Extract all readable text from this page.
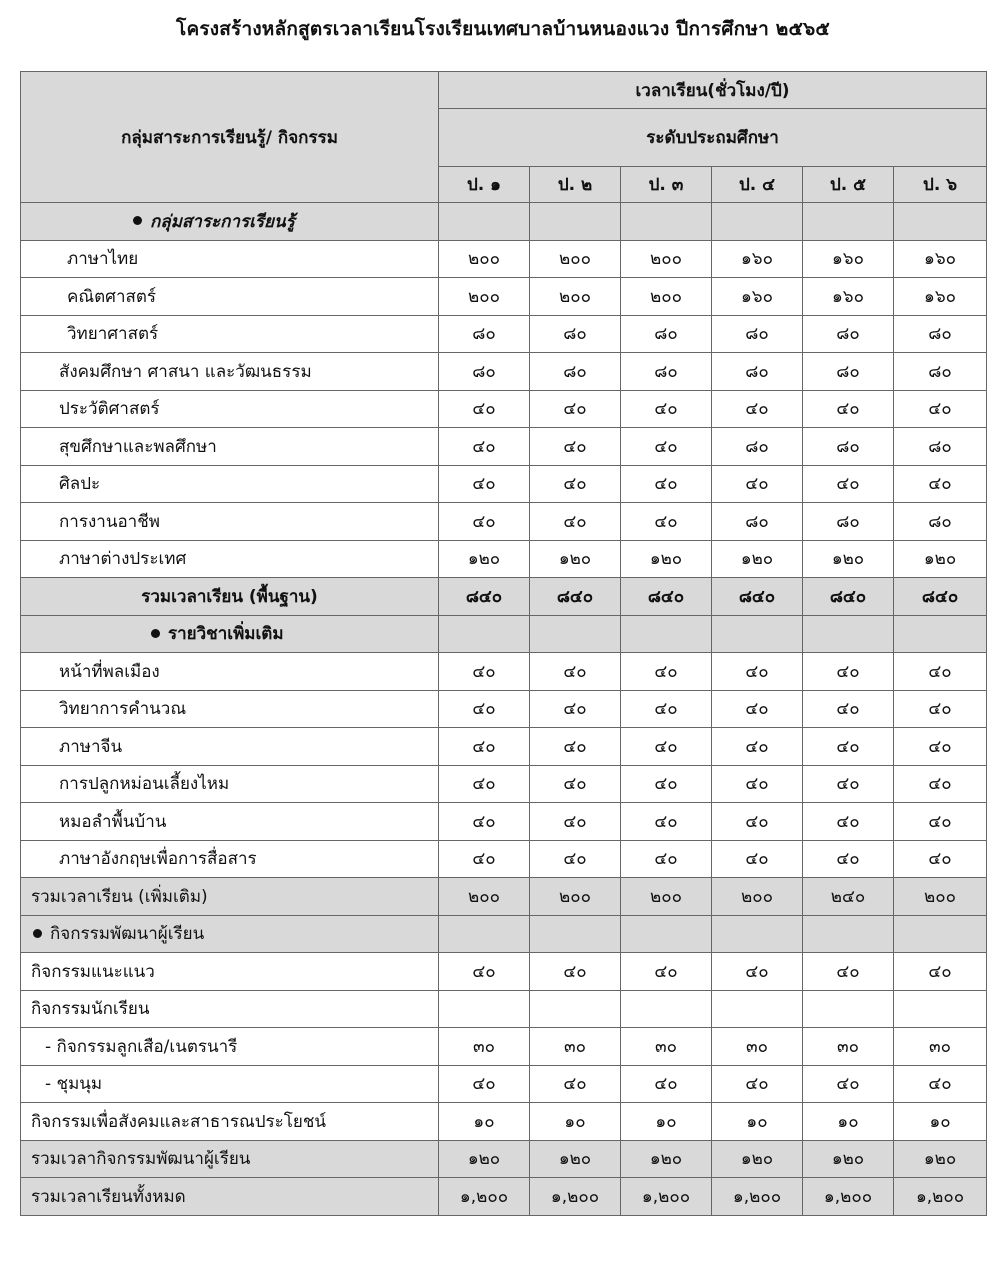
โครงสร้างหลักสูตรเวลาเรียนโรงเรียนเทศบาลบ้านหนองแวง ปีการศึกษา ๒๕๖๕
กลุ่มสาระการเรียนรู้/ กิจกรรม	เวลาเรียน(ชั่วโมง/ปี)					
	ระดับประถมศึกษา					
	ป. ๑	ป. ๒	ป. ๓	ป. ๔	ป. ๕	ป. ๖
กลุ่มสาระการเรียนรู้						
ภาษาไทย	๒๐๐	๒๐๐	๒๐๐	๑๖๐	๑๖๐	๑๖๐
คณิตศาสตร์	๒๐๐	๒๐๐	๒๐๐	๑๖๐	๑๖๐	๑๖๐
วิทยาศาสตร์	๘๐	๘๐	๘๐	๘๐	๘๐	๘๐
สังคมศึกษา ศาสนา และวัฒนธรรม	๘๐	๘๐	๘๐	๘๐	๘๐	๘๐
ประวัติศาสตร์	๔๐	๔๐	๔๐	๔๐	๔๐	๔๐
สุขศึกษาและพลศึกษา	๔๐	๔๐	๔๐	๘๐	๘๐	๘๐
ศิลปะ	๔๐	๔๐	๔๐	๔๐	๔๐	๔๐
การงานอาชีพ	๔๐	๔๐	๔๐	๘๐	๘๐	๘๐
ภาษาต่างประเทศ	๑๒๐	๑๒๐	๑๒๐	๑๒๐	๑๒๐	๑๒๐
รวมเวลาเรียน (พื้นฐาน)	๘๔๐	๘๔๐	๘๔๐	๘๔๐	๘๔๐	๘๔๐
รายวิชาเพิ่มเติม						
หน้าที่พลเมือง	๔๐	๔๐	๔๐	๔๐	๔๐	๔๐
วิทยาการคำนวณ	๔๐	๔๐	๔๐	๔๐	๔๐	๔๐
ภาษาจีน	๔๐	๔๐	๔๐	๔๐	๔๐	๔๐
การปลูกหม่อนเลี้ยงไหม	๔๐	๔๐	๔๐	๔๐	๔๐	๔๐
หมอลำพื้นบ้าน	๔๐	๔๐	๔๐	๔๐	๔๐	๔๐
ภาษาอังกฤษเพื่อการสื่อสาร	๔๐	๔๐	๔๐	๔๐	๔๐	๔๐
รวมเวลาเรียน (เพิ่มเติม)	๒๐๐	๒๐๐	๒๐๐	๒๐๐	๒๔๐	๒๐๐
กิจกรรมพัฒนาผู้เรียน						
กิจกรรมแนะแนว	๔๐	๔๐	๔๐	๔๐	๔๐	๔๐
กิจกรรมนักเรียน						
- กิจกรรมลูกเสือ/เนตรนารี	๓๐	๓๐	๓๐	๓๐	๓๐	๓๐
- ชุมนุม	๔๐	๔๐	๔๐	๔๐	๔๐	๔๐
กิจกรรมเพื่อสังคมและสาธารณประโยชน์	๑๐	๑๐	๑๐	๑๐	๑๐	๑๐
รวมเวลากิจกรรมพัฒนาผู้เรียน	๑๒๐	๑๒๐	๑๒๐	๑๒๐	๑๒๐	๑๒๐
รวมเวลาเรียนทั้งหมด	๑,๒๐๐	๑,๒๐๐	๑,๒๐๐	๑,๒๐๐	๑,๒๐๐	๑,๒๐๐
